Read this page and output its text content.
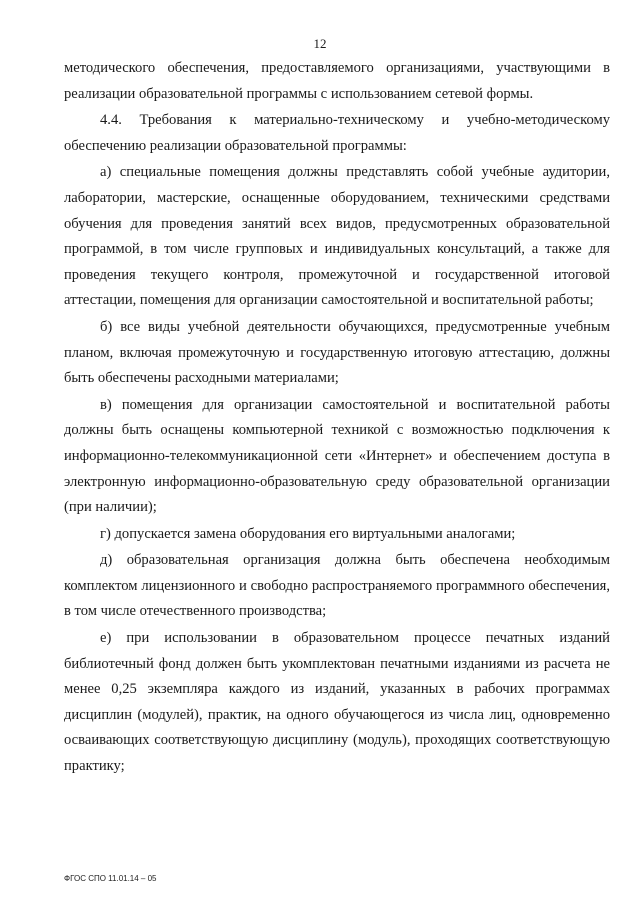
12

методического обеспечения, предоставляемого организациями, участвующими в реализации образовательной программы с использованием сетевой формы.

4.4. Требования к материально-техническому и учебно-методическому обеспечению реализации образовательной программы:

а) специальные помещения должны представлять собой учебные аудитории, лаборатории, мастерские, оснащенные оборудованием, техническими средствами обучения для проведения занятий всех видов, предусмотренных образовательной программой, в том числе групповых и индивидуальных консультаций, а также для проведения текущего контроля, промежуточной и государственной итоговой аттестации, помещения для организации самостоятельной и воспитательной работы;

б) все виды учебной деятельности обучающихся, предусмотренные учебным планом, включая промежуточную и государственную итоговую аттестацию, должны быть обеспечены расходными материалами;

в) помещения для организации самостоятельной и воспитательной работы должны быть оснащены компьютерной техникой с возможностью подключения к информационно-телекоммуникационной сети «Интернет» и обеспечением доступа в электронную информационно-образовательную среду образовательной организации (при наличии);

г) допускается замена оборудования его виртуальными аналогами;

д) образовательная организация должна быть обеспечена необходимым комплектом лицензионного и свободно распространяемого программного обеспечения, в том числе отечественного производства;

е) при использовании в образовательном процессе печатных изданий библиотечный фонд должен быть укомплектован печатными изданиями из расчета не менее 0,25 экземпляра каждого из изданий, указанных в рабочих программах дисциплин (модулей), практик, на одного обучающегося из числа лиц, одновременно осваивающих соответствующую дисциплину (модуль), проходящих соответствующую практику;

ФГОС СПО 11.01.14 – 05
